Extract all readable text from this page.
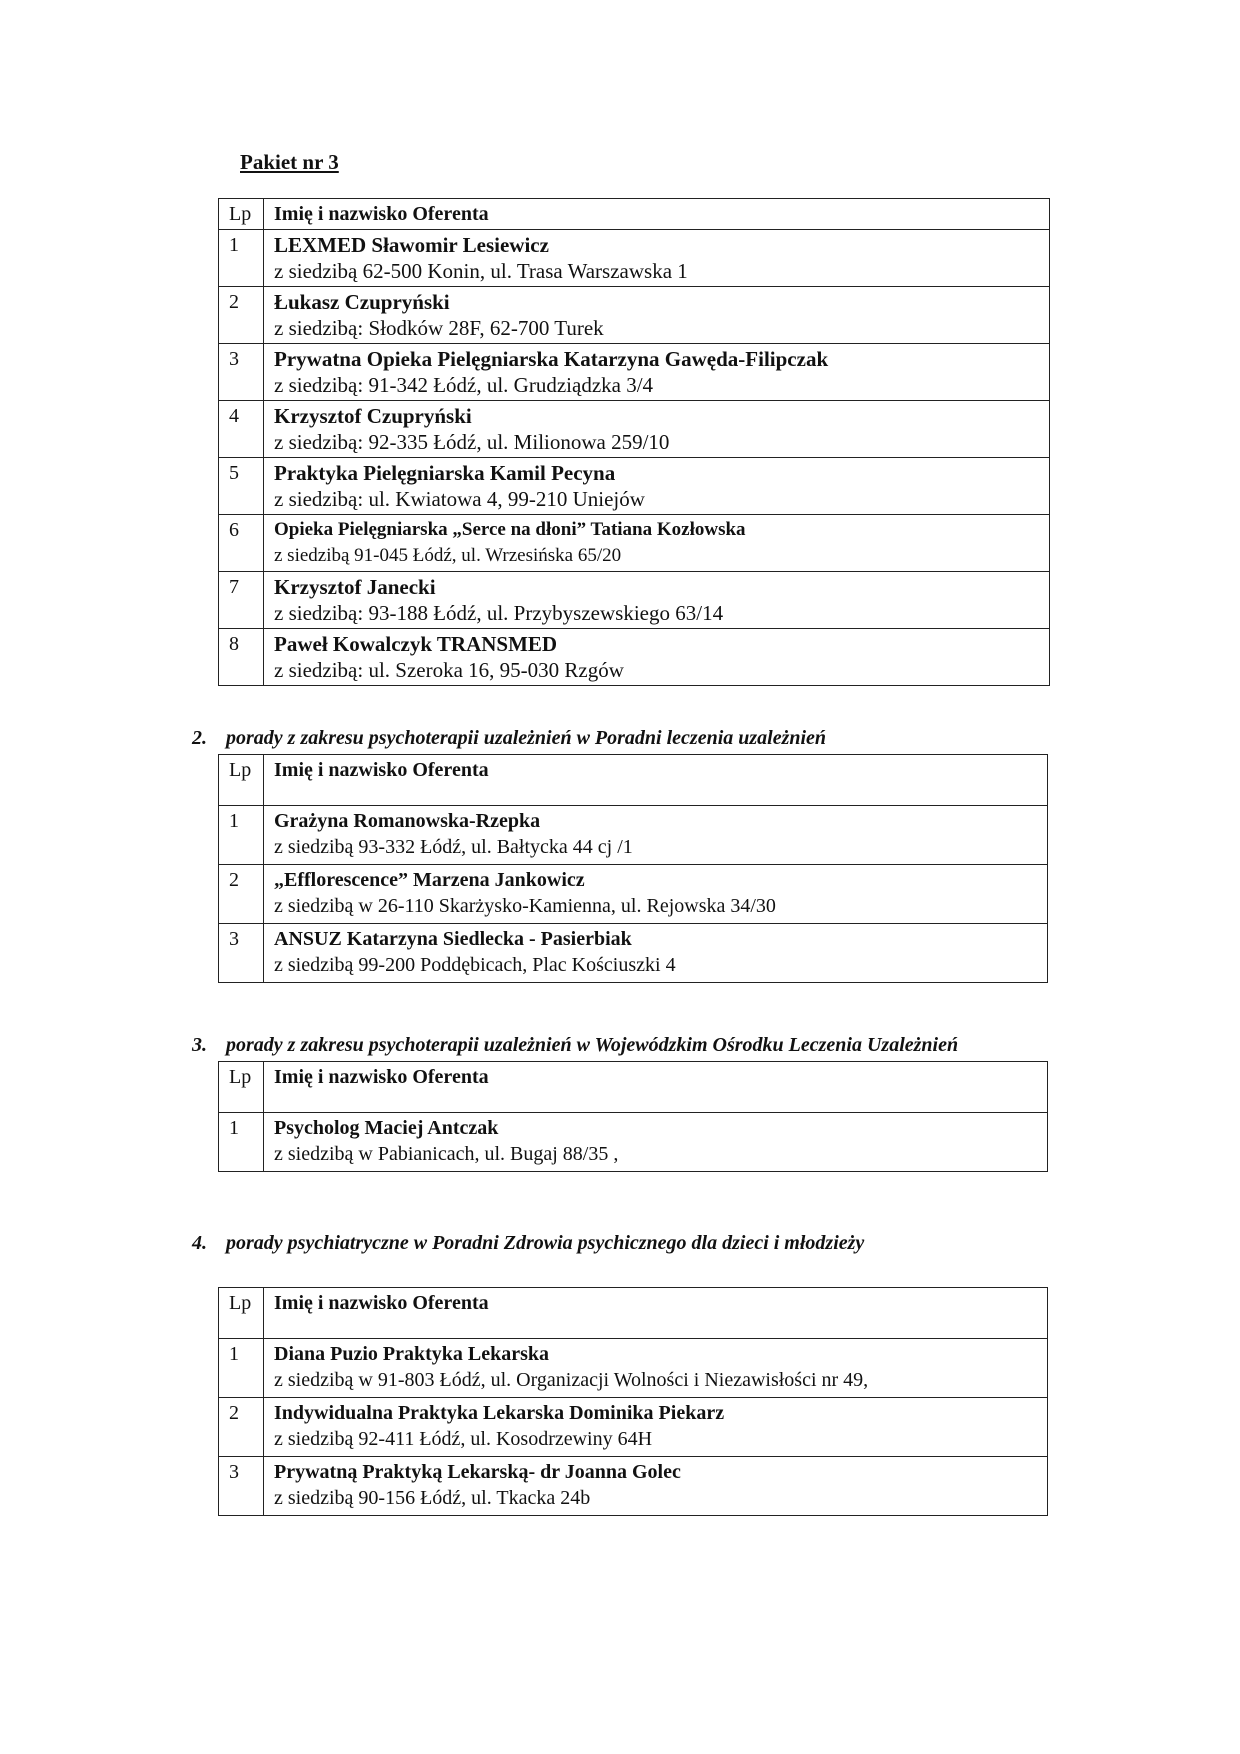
Pakiet nr 3
Lp	Imię i nazwisko Oferenta
1	LEXMED Sławomir Lesiewicz
z siedzibą 62-500 Konin, ul. Trasa Warszawska 1

2	Łukasz Czupryński
z siedzibą: Słodków 28F, 62-700 Turek

3	Prywatna Opieka Pielęgniarska Katarzyna Gawęda-Filipczak
z siedzibą: 91-342 Łódź, ul. Grudziądzka 3/4

4	Krzysztof Czupryński
z siedzibą: 92-335 Łódź, ul. Milionowa 259/10

5	Praktyka Pielęgniarska Kamil Pecyna
z siedzibą: ul. Kwiatowa 4, 99-210 Uniejów

6	Opieka Pielęgniarska „Serce na dłoni” Tatiana Kozłowska
z siedzibą 91-045 Łódź, ul. Wrzesińska 65/20

7	Krzysztof Janecki
z siedzibą: 93-188 Łódź, ul. Przybyszewskiego 63/14

8	Paweł Kowalczyk TRANSMED
z siedzibą: ul. Szeroka 16, 95-030 Rzgów
2. porady z zakresu psychoterapii uzależnień w Poradni leczenia uzależnień
Lp	Imię i nazwisko Oferenta
1	Grażyna Romanowska-Rzepka
z siedzibą 93-332 Łódź, ul. Bałtycka 44 cj /1

2	„Efflorescence” Marzena Jankowicz
z siedzibą w 26-110 Skarżysko-Kamienna, ul. Rejowska 34/30

3	ANSUZ Katarzyna Siedlecka - Pasierbiak
z siedzibą 99-200 Poddębicach, Plac Kościuszki 4
3. porady z zakresu psychoterapii uzależnień w Wojewódzkim Ośrodku Leczenia Uzależnień
Lp	Imię i nazwisko Oferenta
1	Psycholog Maciej Antczak
z siedzibą w Pabianicach, ul. Bugaj 88/35 ,
4. porady psychiatryczne w Poradni Zdrowia psychicznego dla dzieci i młodzieży
Lp	Imię i nazwisko Oferenta
1	Diana Puzio Praktyka Lekarska
z siedzibą w 91-803 Łódź, ul. Organizacji Wolności i Niezawisłości nr 49,

2	Indywidualna Praktyka Lekarska Dominika Piekarz
z siedzibą 92-411 Łódź, ul. Kosodrzewiny 64H

3	Prywatną Praktyką Lekarską- dr Joanna Golec
z siedzibą 90-156 Łódź, ul. Tkacka 24b
